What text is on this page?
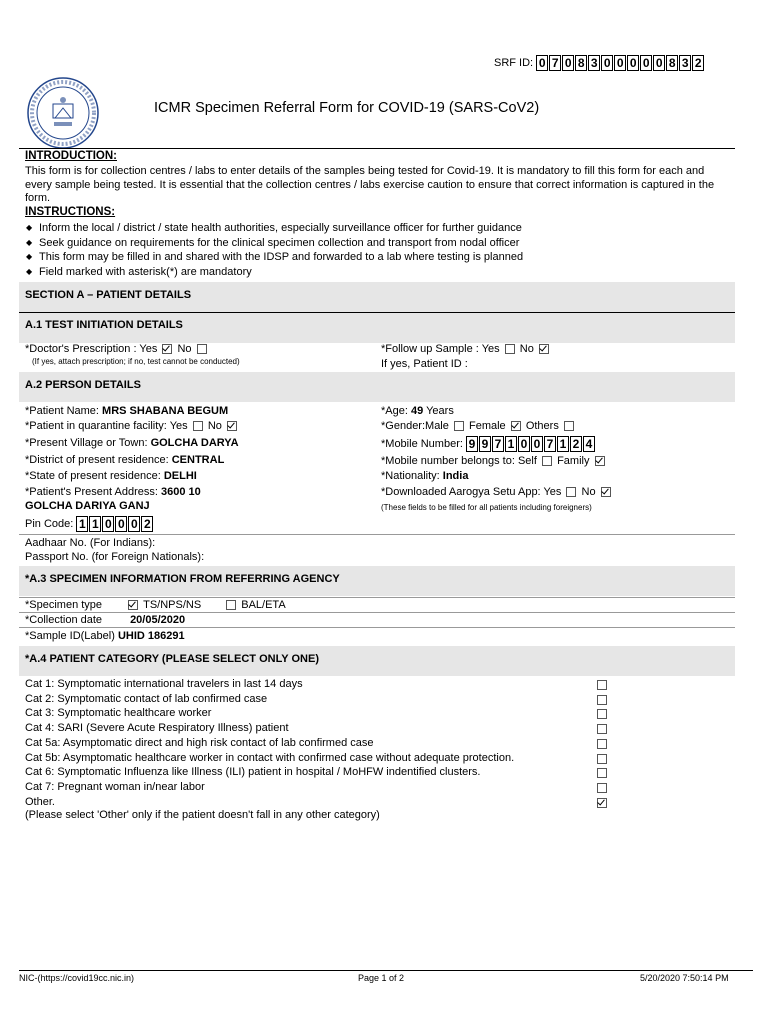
SRF ID: 0 7 0 8 3 0 0 0 0 0 8 3 2
ICMR Specimen Referral Form for COVID-19 (SARS-CoV2)
INTRODUCTION:
This form is for collection centres / labs to enter details of the samples being tested for Covid-19. It is mandatory to fill this form for each and every sample being tested. It is essential that the collection centres / labs exercise caution to ensure that correct information is captured in the form.
INSTRUCTIONS:
◆ Inform the local / district / state health authorities, especially surveillance officer for further guidance
◆ Seek guidance on requirements for the clinical specimen collection and transport from nodal officer
◆ This form may be filled in and shared with the IDSP and forwarded to a lab where testing is planned
◆ Field marked with asterisk(*) are mandatory
SECTION A – PATIENT DETAILS
A.1 TEST INITIATION DETAILS
*Doctor's Prescription : Yes No
(If yes, attach prescription; if no, test cannot be conducted)
*Follow up Sample : Yes No
If yes, Patient ID :
A.2 PERSON DETAILS
*Patient Name: MRS SHABANA BEGUM
*Patient in quarantine facility: Yes No
*Present Village or Town: GOLCHA DARYA
*District of present residence: CENTRAL
*State of present residence: DELHI
*Patient's Present Address: 3600 10
GOLCHA DARIYA GANJ
Pin Code: 1 1 0 0 0 2
*Age: 49 Years
*Gender:Male Female Others
*Mobile Number: 9 9 7 1 0 0 7 1 2 4
*Mobile number belongs to: Self Family
*Nationality: India
*Downloaded Aarogya Setu App: Yes No
(These fields to be filled for all patients including foreigners)
Aadhaar No. (For Indians):
Passport No. (for Foreign Nationals):
*A.3 SPECIMEN INFORMATION FROM REFERRING AGENCY
*Specimen type	TS/NPS/NS	BAL/ETA
*Collection date	20/05/2020
*Sample ID(Label) UHID 186291
*A.4 PATIENT CATEGORY (PLEASE SELECT ONLY ONE)
Cat 1: Symptomatic international travelers in last 14 days
Cat 2: Symptomatic contact of lab confirmed case
Cat 3: Symptomatic healthcare worker
Cat 4: SARI (Severe Acute Respiratory Illness) patient
Cat 5a: Asymptomatic direct and high risk contact of lab confirmed case
Cat 5b: Asymptomatic healthcare worker in contact with confirmed case without adequate protection.
Cat 6: Symptomatic Influenza like Illness (ILI) patient in hospital / MoHFW indentified clusters.
Cat 7: Pregnant woman in/near labor
Other.
(Please select 'Other' only if the patient doesn't fall in any other category)
NIC-(https://covid19cc.nic.in)	Page 1 of 2	5/20/2020 7:50:14 PM
